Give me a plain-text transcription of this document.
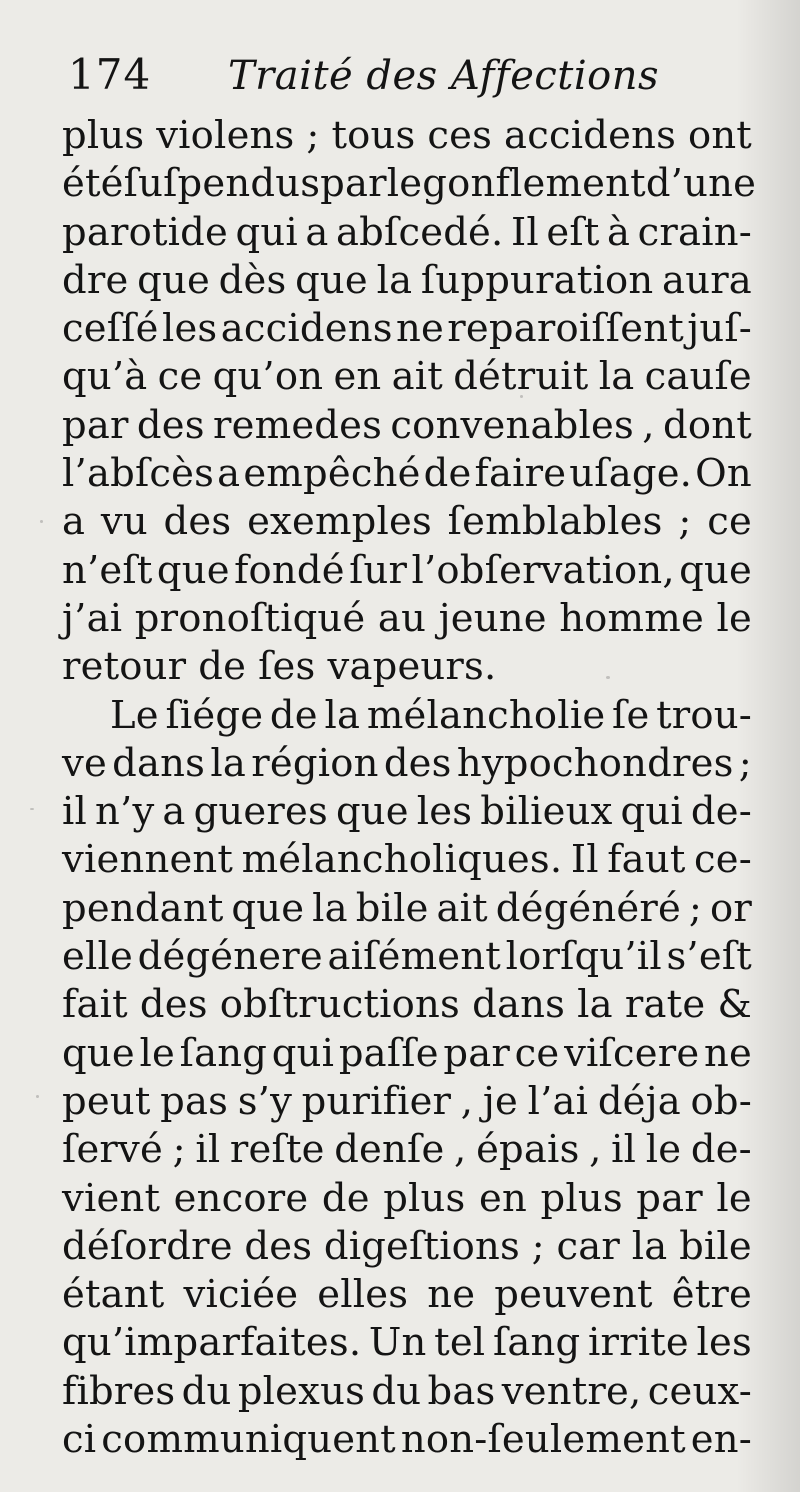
174	Traité des Affections
plus violens ; tous ces accidens ont
été ſuſpendus par le gonflement d’une
parotide qui a abſcedé. Il eſt à crain-
dre que dès que la ſuppuration aura
ceſſé les accidens ne reparoiſſent juſ-
qu’à ce qu’on en ait détruit la cauſe
par des remedes convenables , dont
l’abſcès a empêché de faire uſage. On
a vu des exemples ſemblables ; ce
n’eſt que fondé ſur l’obſervation, que
j’ai pronoſtiqué au jeune homme le
retour de ſes vapeurs.
Le ſiége de la mélancholie ſe trou-
ve dans la région des hypochondres ;
il n’y a gueres que les bilieux qui de-
viennent mélancholiques. Il faut ce-
pendant que la bile ait dégénéré ; or
elle dégénere aiſément lorſqu’il s’eſt
fait des obſtructions dans la rate &
que le ſang qui paſſe par ce viſcere ne
peut pas s’y purifier , je l’ai déja ob-
ſervé ; il reſte denſe , épais , il le de-
vient encore de plus en plus par le
déſordre des digeſtions ; car la bile
étant viciée elles ne peuvent être
qu’imparfaites. Un tel ſang irrite les
fibres du plexus du bas ventre, ceux-
ci communiquent non-ſeulement en-
